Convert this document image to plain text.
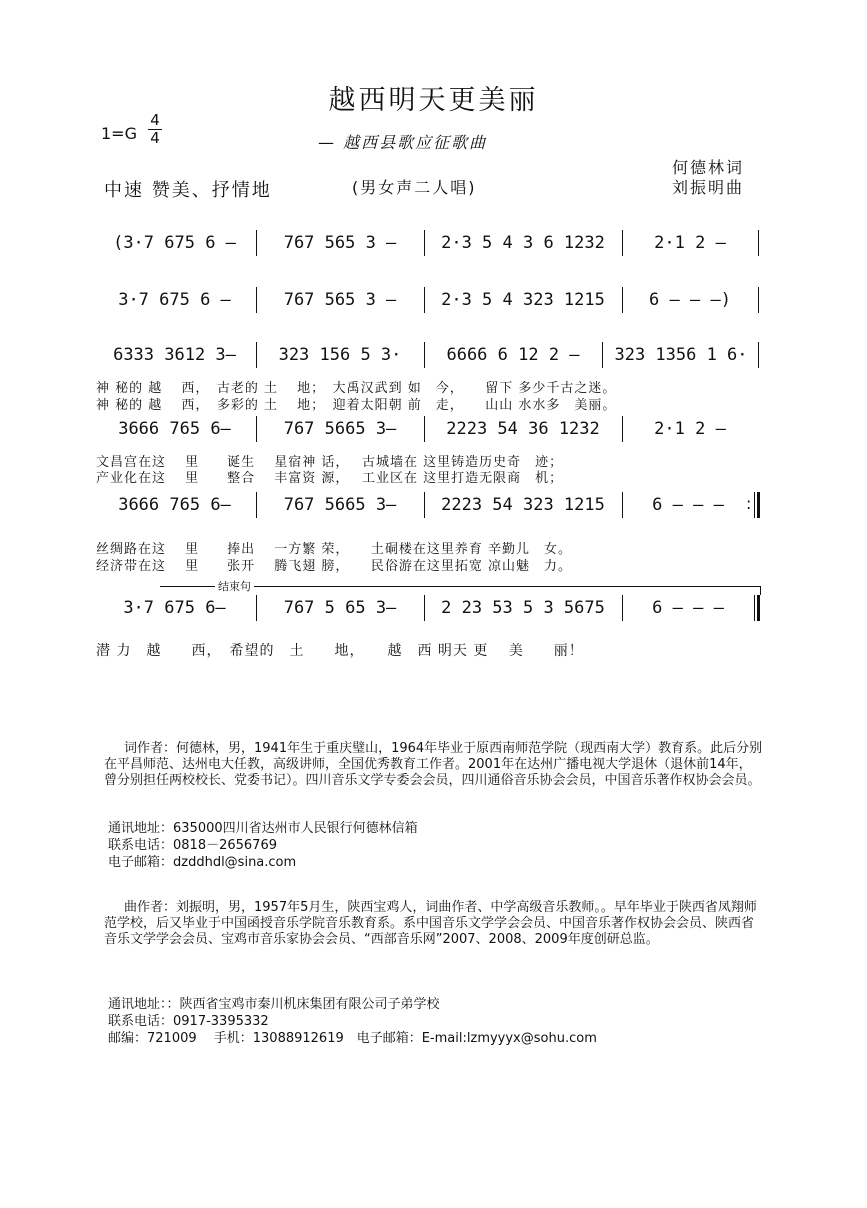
越西明天更美丽
— 越西县歌应征歌曲
$1=G \frac{4}{4}$
中速 赞美、抒情地	(男女声二人唱)
何德林词
刘振明曲
(3·7 675 6 —	767 565 3 —	2·3 5 4 3 6 1232	2·1 2 —
3·7 675 6 —	767 565 3 —	2·3 5 4 323 1215	6 — — —)
6333 3612 3—	323 156 5 3·	6666 6 12 2 —	323 1356 1 6·
神 秘的 越　 西，　古老的 土　 地；　大禹汉武到 如　今，　　留下 多少千古之迷。
神 秘的 越　 西，　多彩的 土　 地；　迎着太阳朝 前　走，　　山山 水水多　美丽。
3666 765 6—	767 5665 3—	2223 54 36 1232	2·1 2 —
文昌宫在这　 里　　诞生　 星宿神 话，　 古城墙在 这里铸造历史奇　迹；
产业化在这　 里　　整合　 丰富资 源，　 工业区在 这里打造无限商　机；
3666 765 6—	767 5665 3—	2223 54 323 1215	6 — — —	:
丝绸路在这　 里　　捧出　 一方繁 荣，　　土硐楼在这里养育 辛勤儿　女。
经济带在这　 里　　张开　 腾飞翅 膀，　　民俗游在这里拓宽 凉山魅　力。
结束句
3·7 675 6—	767 5 65 3—	2 23 53 5 3 5675	6 — — —
潜 力　越　　西，　希望的　土　　地，　　越　西 明天 更　 美　　丽！
词作者：何德林，男，1941年生于重庆璧山，1964年毕业于原西南师范学院（现西南大学）教育系。此后分别在平昌师范、达州电大任教，高级讲师，全国优秀教育工作者。2001年在达州广播电视大学退休（退休前14年，曾分别担任两校校长、党委书记）。四川音乐文学专委会会员，四川通俗音乐协会会员，中国音乐著作权协会会员。
通讯地址：635000四川省达州市人民银行何德林信箱
联系电话：0818－2656769
电子邮箱：dzddhdl@sina.com
曲作者：刘振明，男，1957年5月生，陕西宝鸡人，词曲作者、中学高级音乐教师。。早年毕业于陕西省凤翔师范学校，后又毕业于中国函授音乐学院音乐教育系。系中国音乐文学学会会员、中国音乐著作权协会会员、陕西省音乐文学学会会员、宝鸡市音乐家协会会员、“西部音乐网”2007、2008、2009年度创研总监。
通讯地址：：陕西省宝鸡市秦川机床集团有限公司子弟学校
联系电话：0917-3395332
邮编：721009　 手机：13088912619　电子邮箱：E-mail:lzmyyyx@sohu.com
